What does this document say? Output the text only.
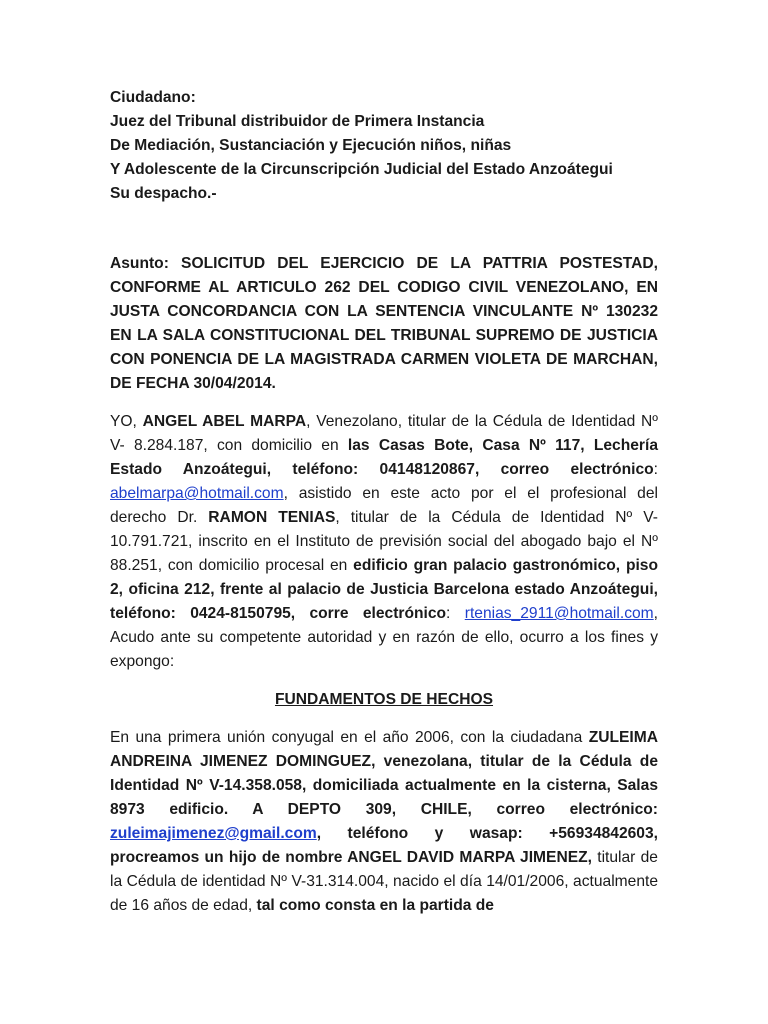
Ciudadano:
Juez del Tribunal distribuidor de Primera Instancia
De Mediación, Sustanciación y Ejecución niños, niñas
Y Adolescente de la Circunscripción Judicial del Estado Anzoátegui
Su despacho.-
Asunto: SOLICITUD DEL EJERCICIO DE LA PATTRIA POSTESTAD, CONFORME AL ARTICULO 262 DEL CODIGO CIVIL VENEZOLANO, EN JUSTA CONCORDANCIA CON LA SENTENCIA VINCULANTE Nº 130232 EN LA SALA CONSTITUCIONAL DEL TRIBUNAL SUPREMO DE JUSTICIA CON PONENCIA DE LA MAGISTRADA CARMEN VIOLETA DE MARCHAN, DE FECHA 30/04/2014.
YO, ANGEL ABEL MARPA, Venezolano, titular de la Cédula de Identidad Nº V- 8.284.187, con domicilio en las Casas Bote, Casa Nº 117, Lechería Estado Anzoátegui, teléfono: 04148120867, correo electrónico: abelmarpa@hotmail.com, asistido en este acto por el el profesional del derecho Dr. RAMON TENIAS, titular de la Cédula de Identidad Nº V-10.791.721, inscrito en el Instituto de previsión social del abogado bajo el Nº 88.251, con domicilio procesal en edificio gran palacio gastronómico, piso 2, oficina 212, frente al palacio de Justicia Barcelona estado Anzoátegui, teléfono: 0424-8150795, corre electrónico: rtenias_2911@hotmail.com, Acudo ante su competente autoridad y en razón de ello, ocurro a los fines y expongo:
FUNDAMENTOS DE HECHOS
En una primera unión conyugal en el año 2006, con la ciudadana ZULEIMA ANDREINA JIMENEZ DOMINGUEZ, venezolana, titular de la Cédula de Identidad Nº V-14.358.058, domiciliada actualmente en la cisterna, Salas 8973 edificio. A DEPTO 309, CHILE, correo electrónico: zuleimajimenez@gmail.com, teléfono y wasap: +56934842603, procreamos un hijo de nombre ANGEL DAVID MARPA JIMENEZ, titular de la Cédula de identidad Nº V-31.314.004, nacido el día 14/01/2006, actualmente de 16 años de edad, tal como consta en la partida de
